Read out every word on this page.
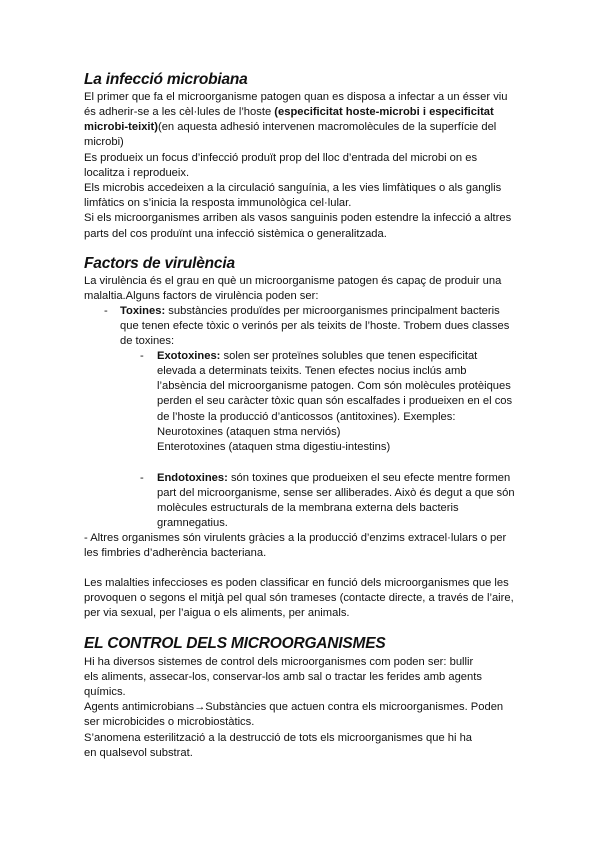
La infecció microbiana

El primer que fa el microorganisme patogen quan es disposa a infectar a un ésser viu

és adherir-se a les cèl·lules de l’hoste (especificitat hoste-microbi i especificitat

microbi-teixit)(en aquesta adhesió intervenen macromolècules de la superfície del

microbi)

Es produeix un focus d’infecció produït prop del lloc d’entrada del microbi on es

localitza i reprodueix.

Els microbis accedeixen a la circulació sanguínia, a les vies limfàtiques o als ganglis

limfàtics on s’inicia la resposta immunològica cel·lular.

Si els microorganismes arriben als vasos sanguinis poden estendre la infecció a altres

parts del cos produïnt una infecció sistèmica o generalitzada.

Factors de virulència

La virulència és el grau en què un microorganisme patogen és capaç de produir una

malaltia.Alguns factors de virulència poden ser:

- Toxines: substàncies produïdes per microorganismes principalment bacteris

que tenen efecte tòxic o verinós per als teixits de l’hoste. Trobem dues classes

de toxines:

- Exotoxines: solen ser proteïnes solubles que tenen especificitat

elevada a determinats teixits. Tenen efectes nocius inclús amb

l’absència del microorganisme patogen. Com són molècules protèiques

perden el seu caràcter tòxic quan són escalfades i produeixen en el cos

de l’hoste la producció d’anticossos (antitoxines). Exemples:

Neurotoxines (ataquen stma nerviós)

Enterotoxines (ataquen stma digestiu-intestins)

- Endotoxines: són toxines que produeixen el seu efecte mentre formen

part del microorganisme, sense ser alliberades. Això és degut a que són

molècules estructurals de la membrana externa dels bacteris

gramnegatius.

- Altres organismes són virulents gràcies a la producció d’enzims extracel·lulars o per

les fimbries d’adherència bacteriana.

Les malalties infeccioses es poden classificar en funció dels microorganismes que les

provoquen o segons el mitjà pel qual són trameses (contacte directe, a través de l’aire,

per via sexual, per l’aigua o els aliments, per animals.

EL CONTROL DELS MICROORGANISMES

Hi ha diversos sistemes de control dels microorganismes com poden ser: bullir

els aliments, assecar-los, conservar-los amb sal o tractar les ferides amb agents

químics.

Agents antimicrobians→Substàncies que actuen contra els microorganismes. Poden

ser microbicides o microbiostàtics.

S’anomena esterilització a la destrucció de tots els microorganismes que hi ha

en qualsevol substrat.
